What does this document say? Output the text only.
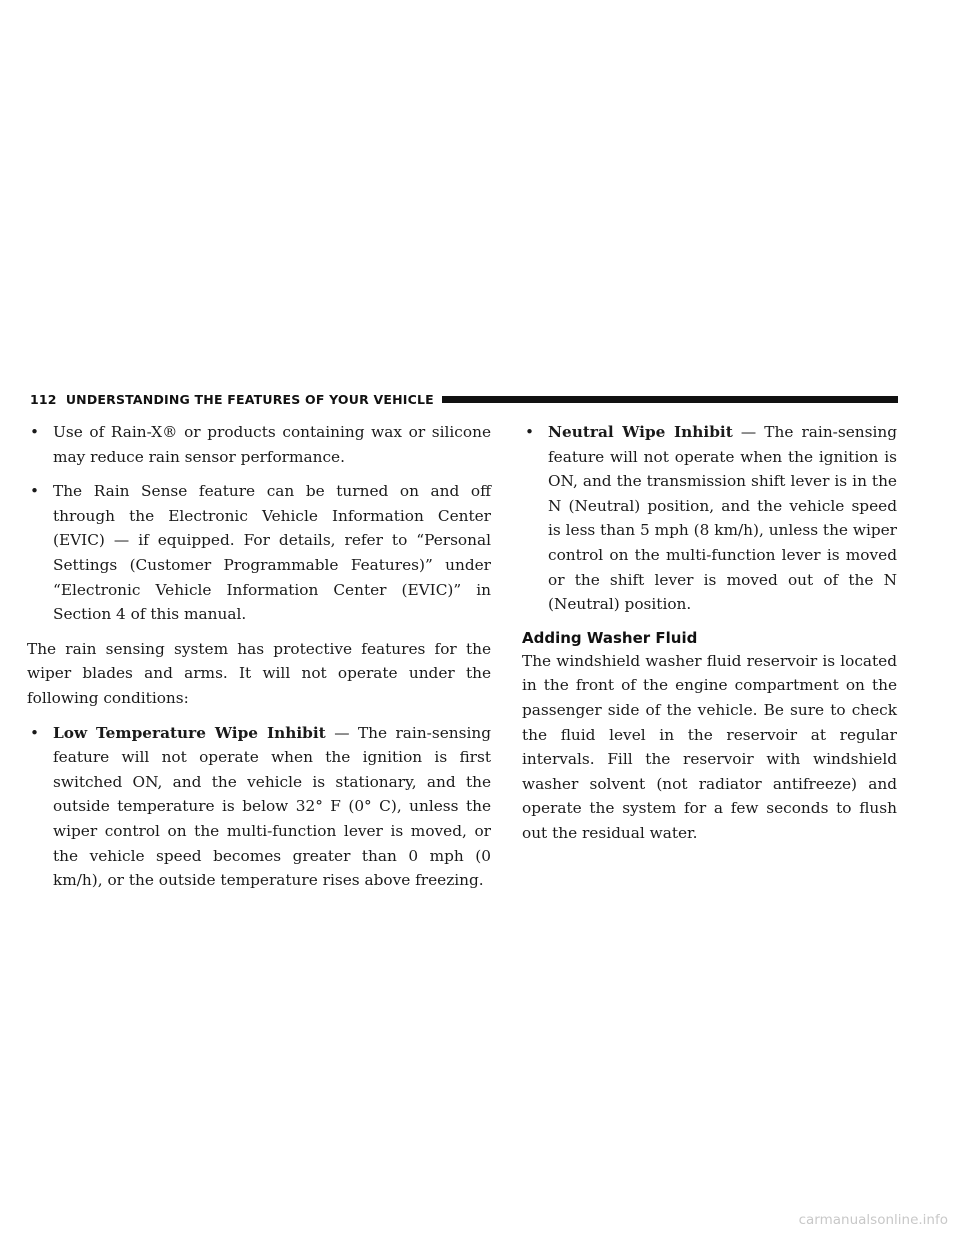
112 UNDERSTANDING THE FEATURES OF YOUR VEHICLE
• Use of Rain-X® or products containing wax or silicone may reduce rain sensor performance.
• The Rain Sense feature can be turned on and off through the Electronic Vehicle Information Center (EVIC) — if equipped. For details, refer to “Personal Settings (Customer Programmable Features)” under “Electronic Vehicle Information Center (EVIC)” in Section 4 of this manual.

The rain sensing system has protective features for the wiper blades and arms. It will not operate under the following conditions:

• Low Temperature Wipe Inhibit — The rain-sensing feature will not operate when the ignition is first switched ON, and the vehicle is stationary, and the outside temperature is below 32° F (0° C), unless the wiper control on the multi-function lever is moved, or the vehicle speed becomes greater than 0 mph (0 km/h), or the outside temperature rises above freezing.
• Neutral Wipe Inhibit — The rain-sensing feature will not operate when the ignition is ON, and the transmission shift lever is in the N (Neutral) position, and the vehicle speed is less than 5 mph (8 km/h), unless the wiper control on the multi-function lever is moved or the shift lever is moved out of the N (Neutral) position.
Adding Washer Fluid

The windshield washer fluid reservoir is located in the front of the engine compartment on the passenger side of the vehicle. Be sure to check the fluid level in the reservoir at regular intervals. Fill the reservoir with windshield washer solvent (not radiator antifreeze) and operate the system for a few seconds to flush out the residual water.

carmanualsonline.info
